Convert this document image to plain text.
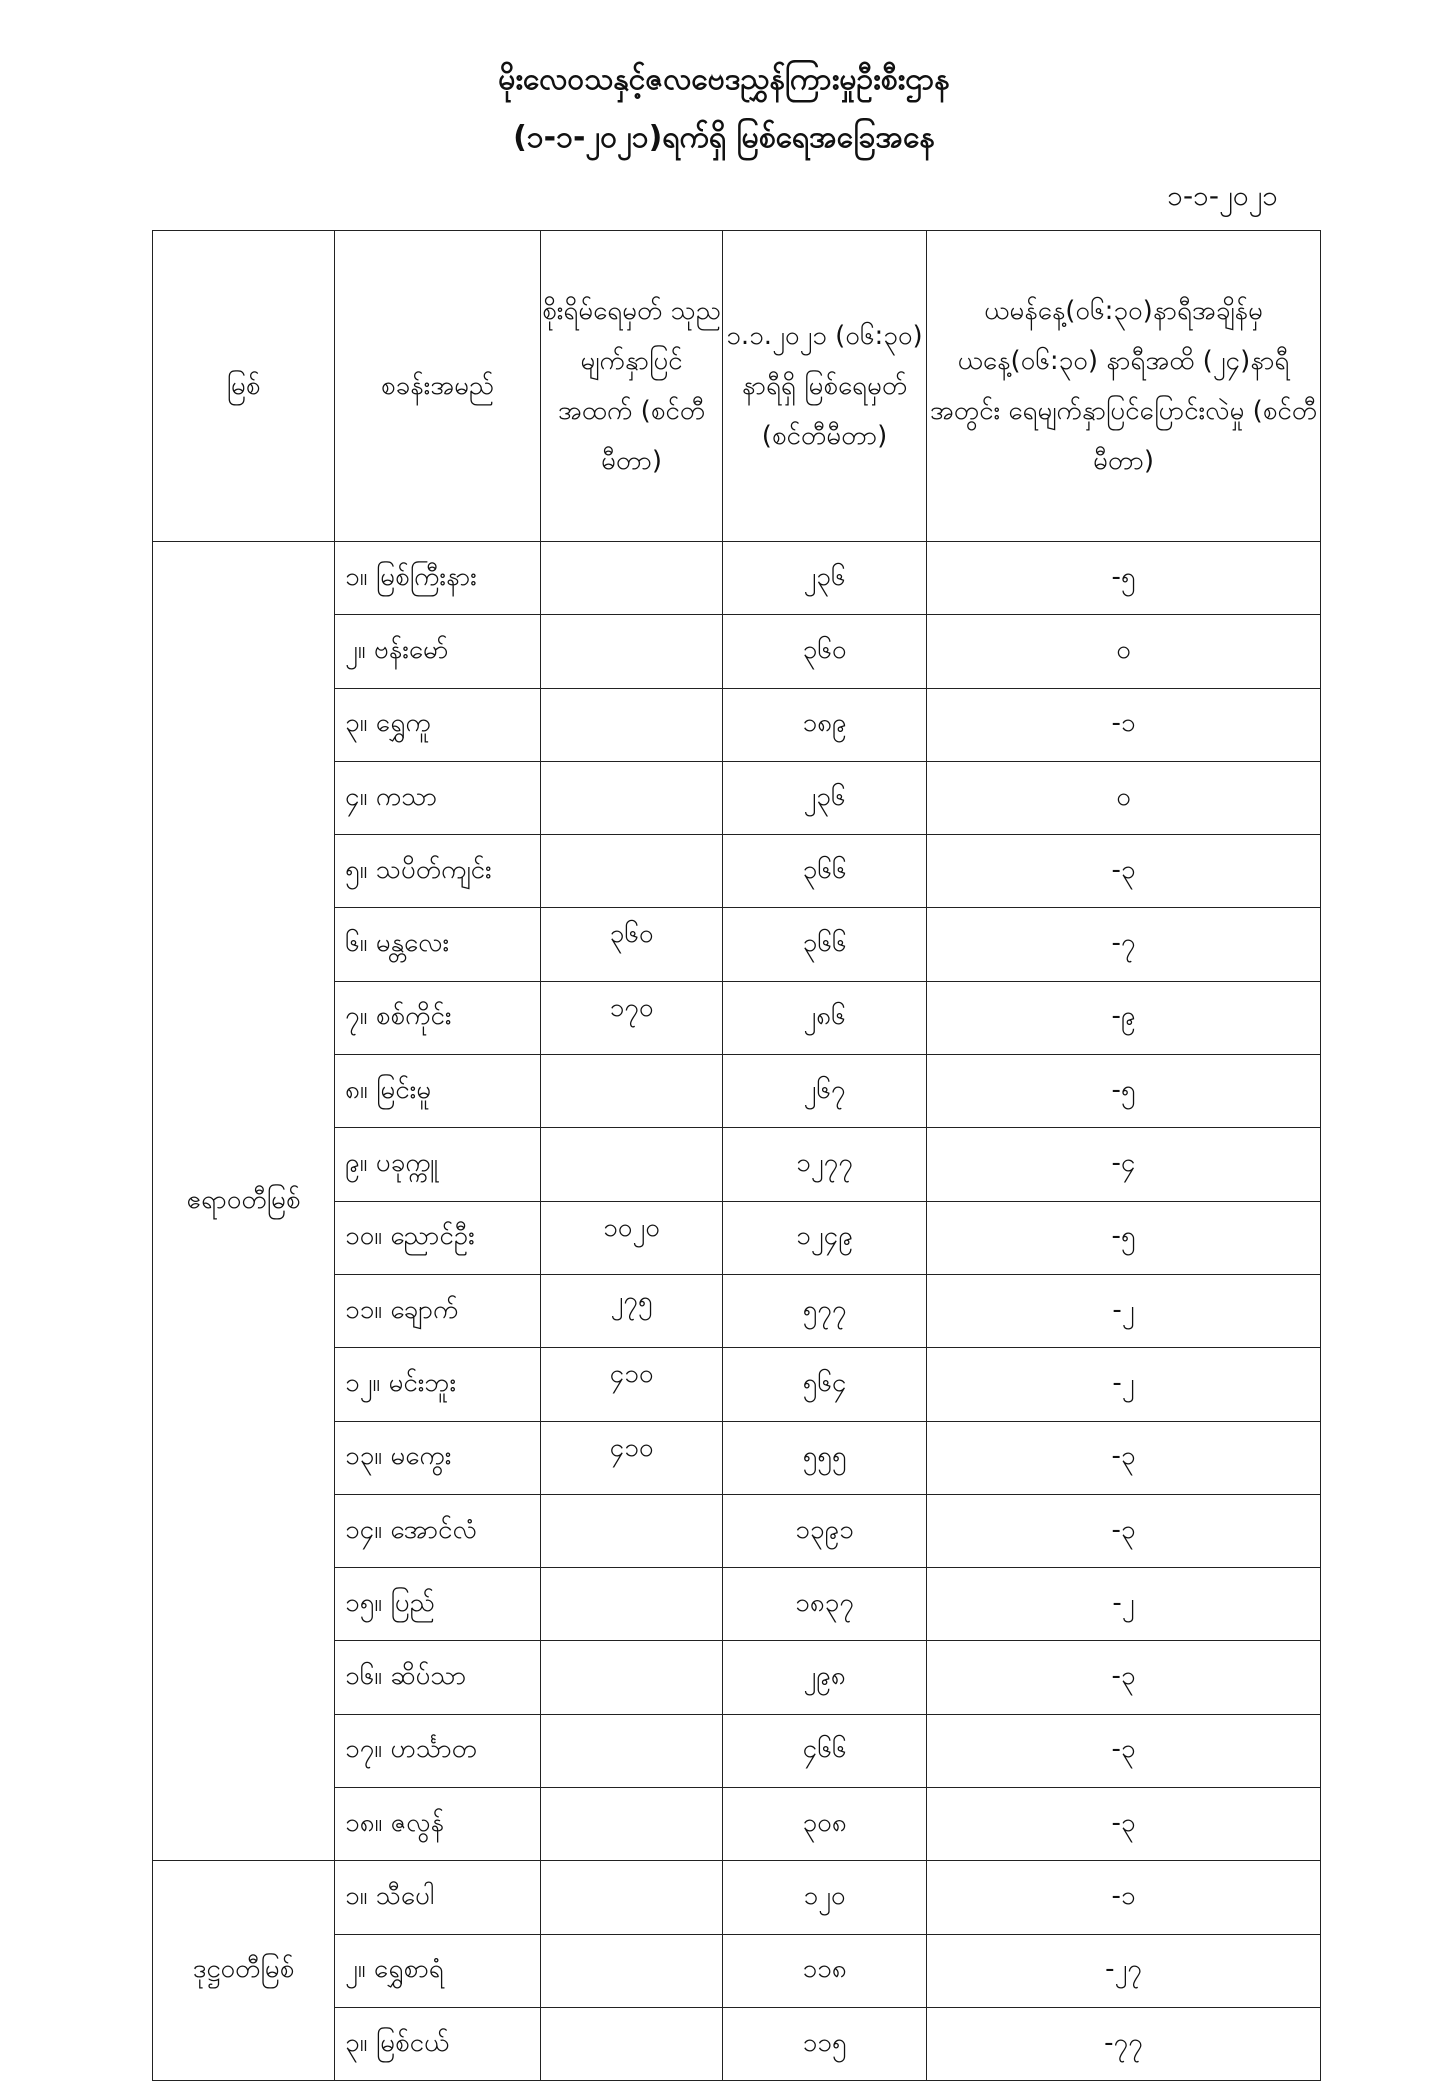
မိုးလေဝသနှင့်ဇလဗေဒညွှန်ကြားမှုဦးစီးဌာန
(၁-၁-၂၀၂၁)ရက်ရှိ မြစ်ရေအခြေအနေ
၁-၁-၂၀၂၁
မြစ်	စခန်းအမည်	စိုးရိမ်ရေမှတ် သုညမျက်နှာပြင် အထက် (စင်တီမီတာ)	၁.၁.၂၀၂၁ (၀၆:၃၀) နာရီရှိ မြစ်ရေမှတ် (စင်တီမီတာ)	ယမန်နေ့(၀၆:၃၀)နာရီအချိန်မှ ယနေ့(၀၆:၃၀) နာရီအထိ (၂၄)နာရီအတွင်း ရေမျက်နှာပြင်ပြောင်းလဲမှု (စင်တီမီတာ)
ဧရာဝတီမြစ်	၁။ မြစ်ကြီးနား		၂၃၆	-၅
	၂။ ဗန်းမော်		၃၆၀	၀
	၃။ ရွှေကူ		၁၈၉	-၁
	၄။ ကသာ		၂၃၆	၀
	၅။ သပိတ်ကျင်း		၃၆၆	-၃
	၆။ မန္တလေး	၃၆၀	၃၆၆	-၇
	၇။ စစ်ကိုင်း	၁၇၀	၂၈၆	-၉
	၈။ မြင်းမူ		၂၆၇	-၅
	၉။ ပခုက္ကူ		၁၂၇၇	-၄
	၁၀။ ညောင်ဦး	၁၀၂၀	၁၂၄၉	-၅
	၁၁။ ချောက်	၂၇၅	၅၇၇	-၂
	၁၂။ မင်းဘူး	၄၁၀	၅၆၄	-၂
	၁၃။ မကွေး	၄၁၀	၅၅၅	-၃
	၁၄။ အောင်လံ		၁၃၉၁	-၃
	၁၅။ ပြည်		၁၈၃၇	-၂
	၁၆။ ဆိပ်သာ		၂၉၈	-၃
	၁၇။ ဟင်္သာတ		၄၆၆	-၃
	၁၈။ ဇလွန်		၃၀၈	-၃
ဒုဋ္ဌဝတီမြစ်	၁။ သီပေါ		၁၂၀	-၁
	၂။ ရွှေစာရံ		၁၁၈	-၂၇
	၃။ မြစ်ငယ်		၁၁၅	-၇၇
